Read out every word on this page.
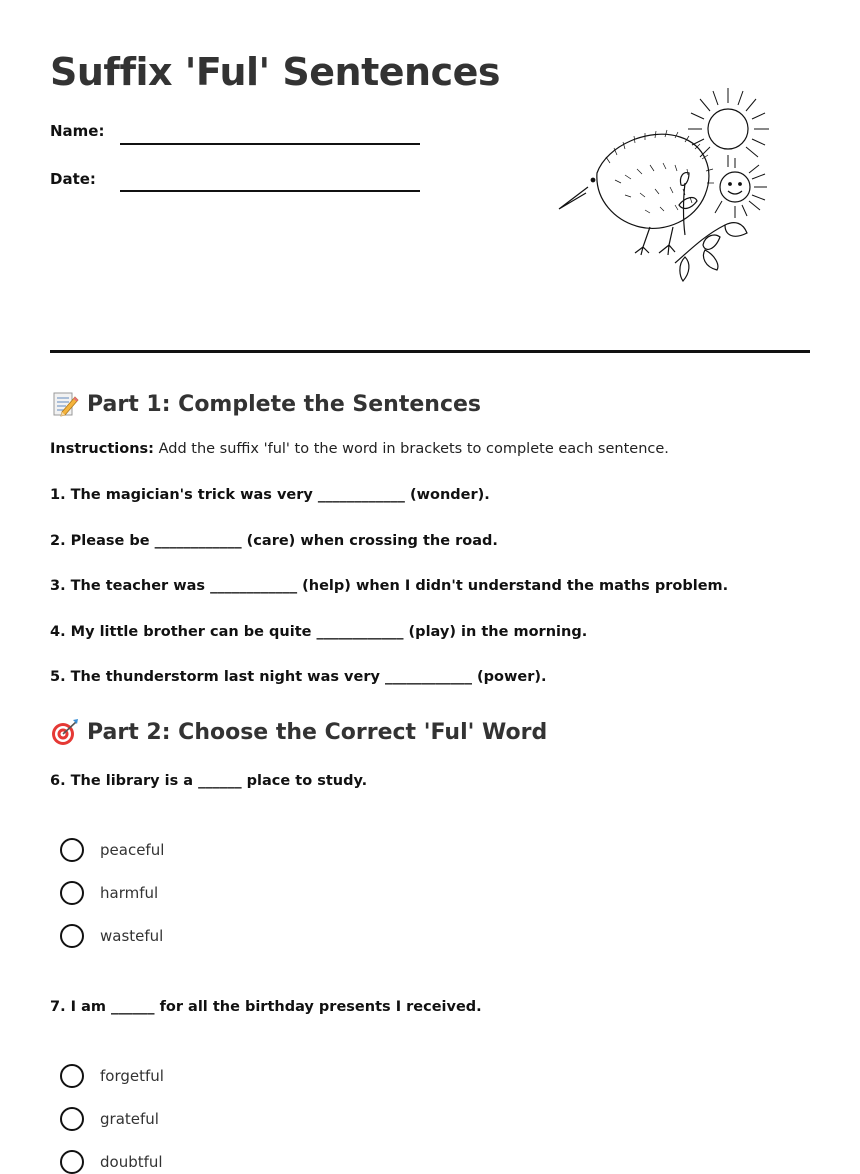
Suffix 'Ful' Sentences
Name:
Date:
Part 1: Complete the Sentences
Instructions: Add the suffix 'ful' to the word in brackets to complete each sentence.

1. The magician's trick was very ____________ (wonder).

2. Please be ____________ (care) when crossing the road.

3. The teacher was ____________ (help) when I didn't understand the maths problem.

4. My little brother can be quite ____________ (play) in the morning.

5. The thunderstorm last night was very ____________ (power).

Part 2: Choose the Correct 'Ful' Word

6. The library is a ______ place to study.

peaceful
harmful
wasteful

7. I am ______ for all the birthday presents I received.

forgetful
grateful
doubtful
